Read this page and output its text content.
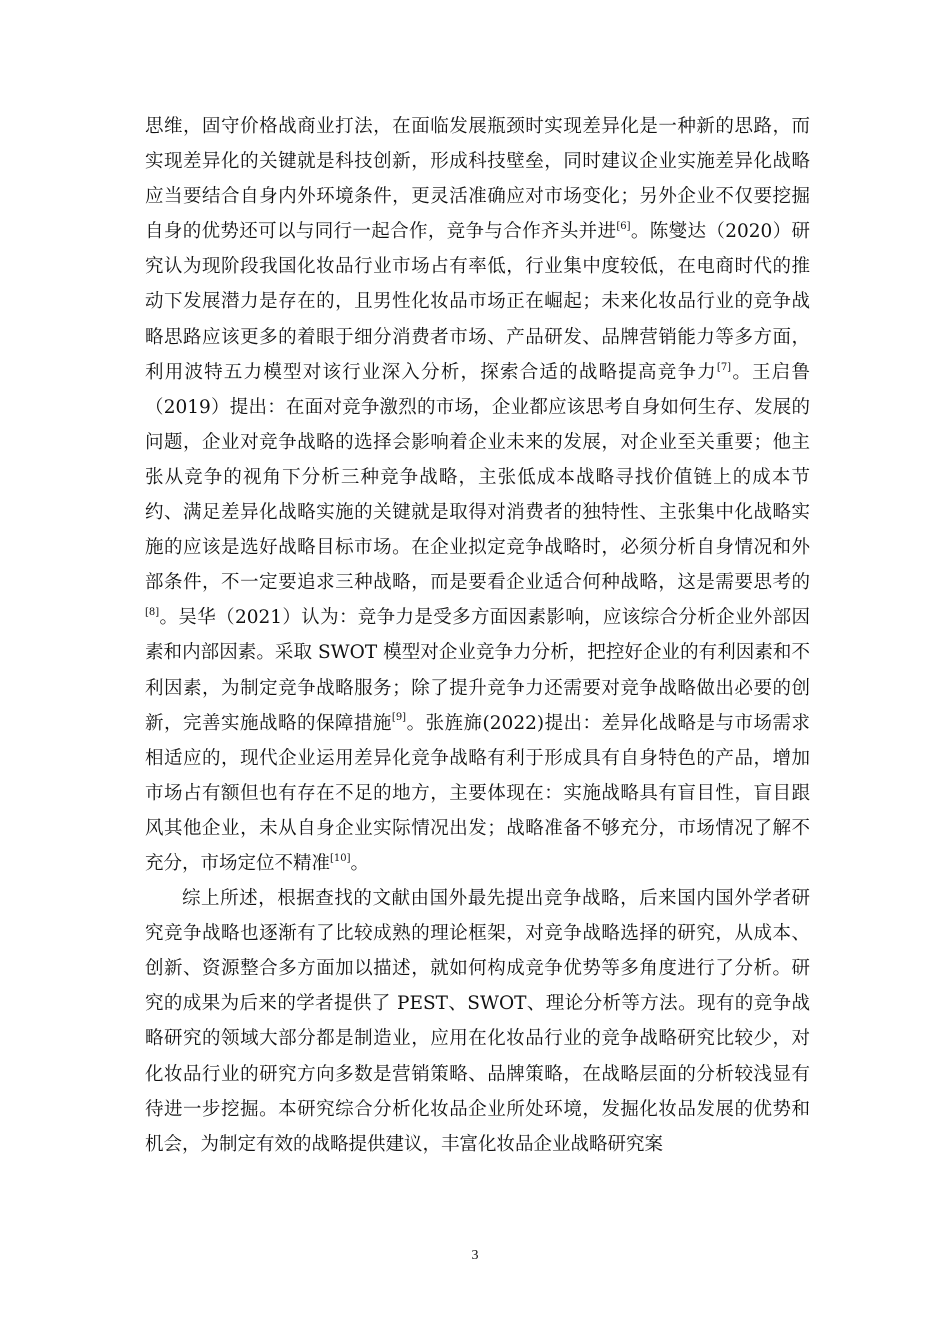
思维，固守价格战商业打法，在面临发展瓶颈时实现差异化是一种新的思路，而实现差异化的关键就是科技创新，形成科技壁垒，同时建议企业实施差异化战略应当要结合自身内外环境条件，更灵活准确应对市场变化；另外企业不仅要挖掘自身的优势还可以与同行一起合作，竞争与合作齐头并进[6]。陈燮达（2020）研究认为现阶段我国化妆品行业市场占有率低，行业集中度较低，在电商时代的推动下发展潜力是存在的，且男性化妆品市场正在崛起；未来化妆品行业的竞争战略思路应该更多的着眼于细分消费者市场、产品研发、品牌营销能力等多方面，利用波特五力模型对该行业深入分析，探索合适的战略提高竞争力[7]。王启鲁（2019）提出：在面对竞争激烈的市场，企业都应该思考自身如何生存、发展的问题，企业对竞争战略的选择会影响着企业未来的发展，对企业至关重要；他主张从竞争的视角下分析三种竞争战略，主张低成本战略寻找价值链上的成本节约、满足差异化战略实施的关键就是取得对消费者的独特性、主张集中化战略实施的应该是选好战略目标市场。在企业拟定竞争战略时，必须分析自身情况和外部条件，不一定要追求三种战略，而是要看企业适合何种战略，这是需要思考的[8]。吴华（2021）认为：竞争力是受多方面因素影响，应该综合分析企业外部因素和内部因素。采取 SWOT 模型对企业竞争力分析，把控好企业的有利因素和不利因素，为制定竞争战略服务；除了提升竞争力还需要对竞争战略做出必要的创新，完善实施战略的保障措施[9]。张旌旆(2022)提出：差异化战略是与市场需求相适应的，现代企业运用差异化竞争战略有利于形成具有自身特色的产品，增加市场占有额但也有存在不足的地方，主要体现在：实施战略具有盲目性，盲目跟风其他企业，未从自身企业实际情况出发；战略准备不够充分，市场情况了解不充分，市场定位不精准[10]。

综上所述，根据查找的文献由国外最先提出竞争战略，后来国内国外学者研究竞争战略也逐渐有了比较成熟的理论框架，对竞争战略选择的研究，从成本、创新、资源整合多方面加以描述，就如何构成竞争优势等多角度进行了分析。研究的成果为后来的学者提供了 PEST、SWOT、理论分析等方法。现有的竞争战略研究的领域大部分都是制造业，应用在化妆品行业的竞争战略研究比较少，对化妆品行业的研究方向多数是营销策略、品牌策略，在战略层面的分析较浅显有待进一步挖掘。本研究综合分析化妆品企业所处环境，发掘化妆品发展的优势和机会，为制定有效的战略提供建议，丰富化妆品企业战略研究案

3
